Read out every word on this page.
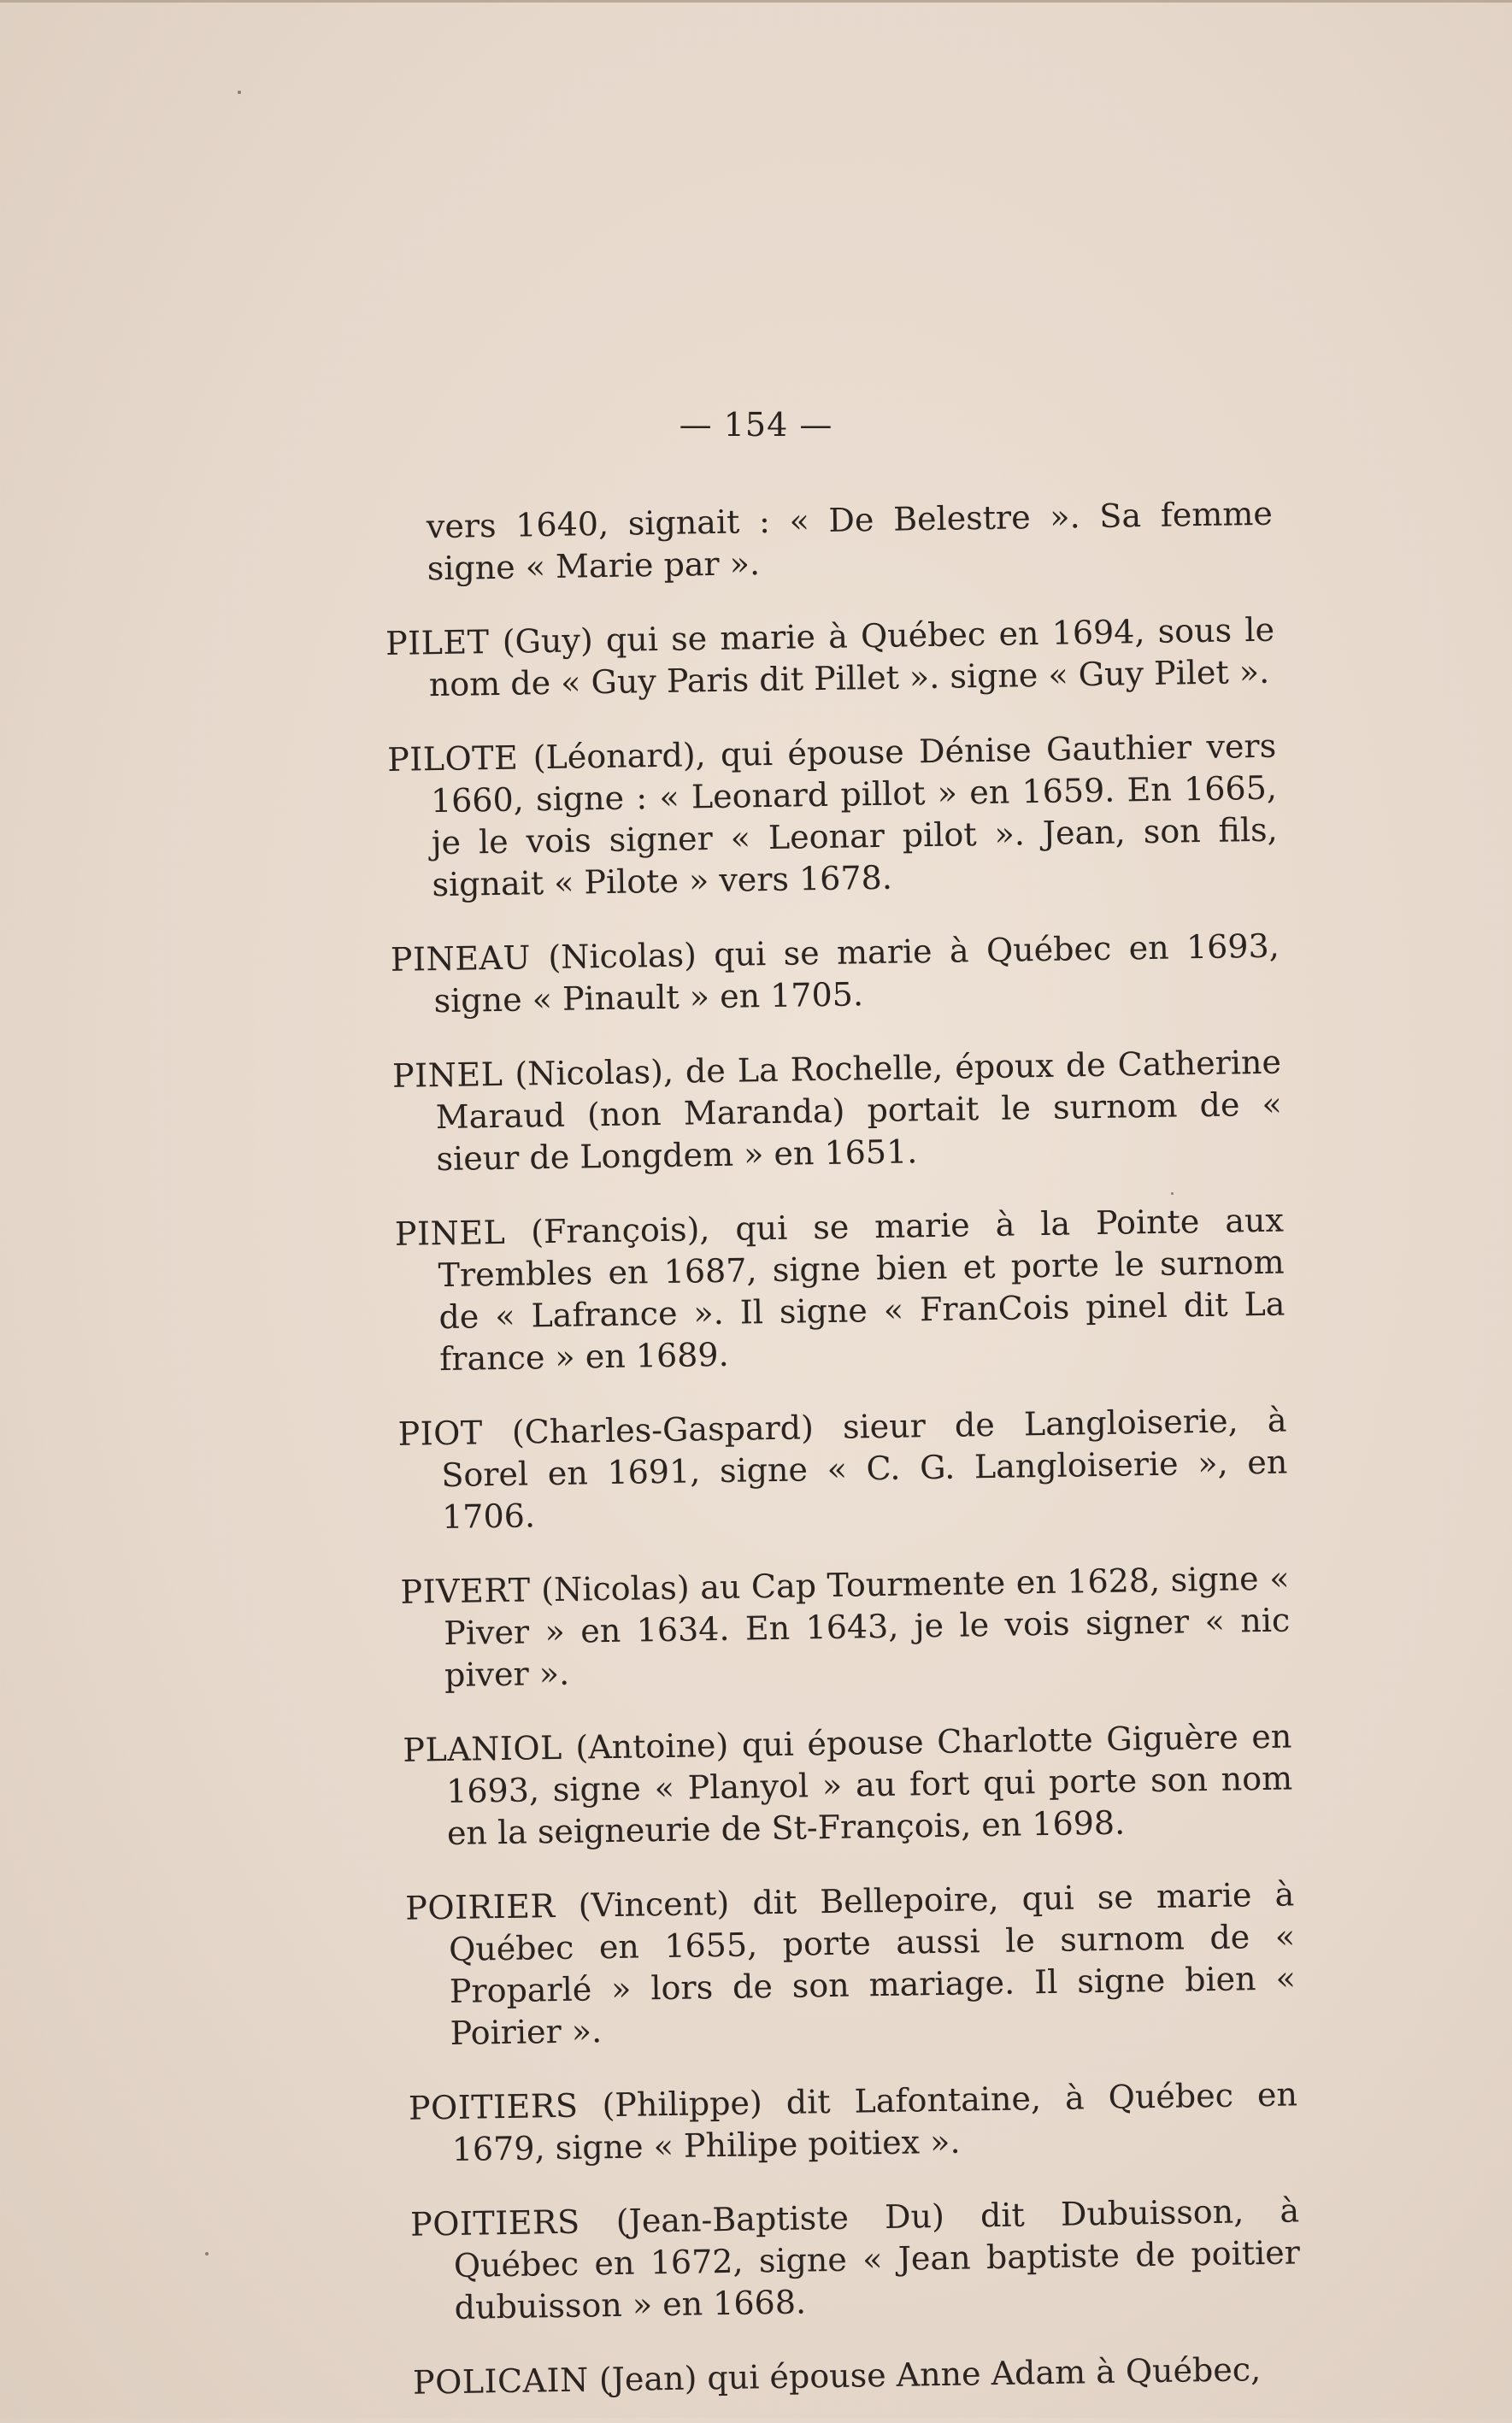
— 154 —

vers 1640, signait : « De Belestre ». Sa femme signe « Marie par ».

PILET (Guy) qui se marie à Québec en 1694, sous le nom de « Guy Paris dit Pillet ». signe « Guy Pilet ».

PILOTE (Léonard), qui épouse Dénise Gauthier vers 1660, signe : « Leonard pillot » en 1659. En 1665, je le vois signer « Leonar pilot ». Jean, son fils, signait « Pilote » vers 1678.

PINEAU (Nicolas) qui se marie à Québec en 1693, signe « Pinault » en 1705.

PINEL (Nicolas), de La Rochelle, époux de Catherine Maraud (non Maranda) portait le surnom de « sieur de Longdem » en 1651.

PINEL (François), qui se marie à la Pointe aux Trembles en 1687, signe bien et porte le surnom de « Lafrance ». Il signe « FranCois pinel dit La france » en 1689.

PIOT (Charles-Gaspard) sieur de Langloiserie, à Sorel en 1691, signe « C. G. Langloiserie », en 1706.

PIVERT (Nicolas) au Cap Tourmente en 1628, signe « Piver » en 1634. En 1643, je le vois signer « nic piver ».

PLANIOL (Antoine) qui épouse Charlotte Giguère en 1693, signe « Planyol » au fort qui porte son nom en la seigneurie de St-François, en 1698.

POIRIER (Vincent) dit Bellepoire, qui se marie à Québec en 1655, porte aussi le surnom de « Proparlé » lors de son mariage. Il signe bien « Poirier ».

POITIERS (Philippe) dit Lafontaine, à Québec en 1679, signe « Philipe poitiex ».

POITIERS (Jean-Baptiste Du) dit Dubuisson, à Québec en 1672, signe « Jean baptiste de poitier dubuisson » en 1668.

POLICAIN (Jean) qui épouse Anne Adam à Québec,
